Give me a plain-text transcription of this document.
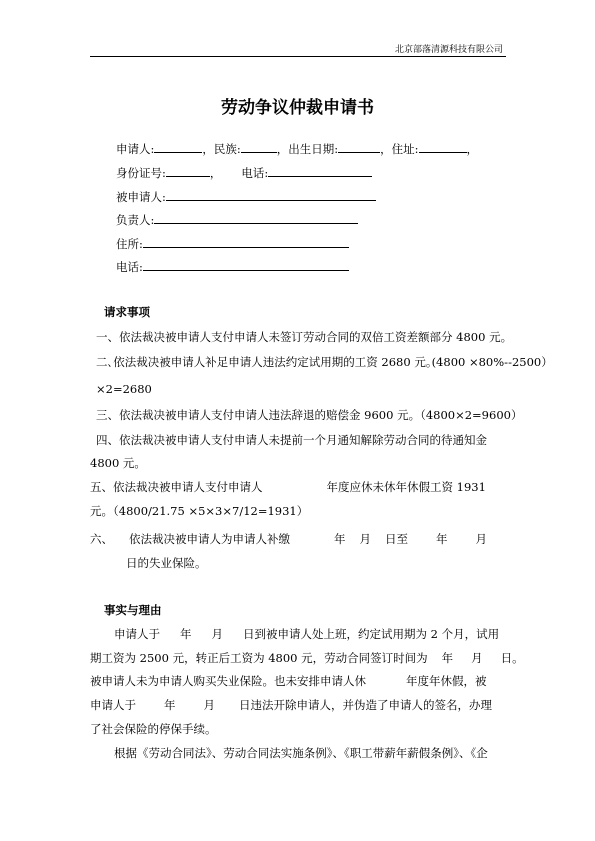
北京部落清源科技有限公司
劳动争议仲裁申请书
申请人:	，民族:	，出生日期:	，住址:	，
身份证号:	， 电话:
被申请人:
负责人:
住所:
电话:
请求事项
一、依法裁决被申请人支付申请人未签订劳动合同的双倍工资差额部分 4800 元。
二､依法裁决被申请人补足申请人违法约定试用期的工资 2680 元｡(4800 ×80%--2500）
×2=2680
三、依法裁决被申请人支付申请人违法辞退的赔偿金 9600 元。（4800×2=9600）
四、依法裁决被申请人支付申请人未提前一个月通知解除劳动合同的待通知金
4800 元。
五、依法裁决被申请人支付申请人	年度应休未休年休假工资 1931
元。（4800/21.75 ×5×3×7/12=1931）
六、 依法裁决被申请人为申请人补缴	年 月 日至 年 月
日的失业保险。
事实与理由
申请人于 年 月 日到被申请人处上班，约定试用期为 2 个月，试用
期工资为 2500 元，转正后工资为 4800 元，劳动合同签订时间为 年 月 日。
被申请人未为申请人购买失业保险。也未安排申请人休	年度年休假，被
申请人于 年 月 日违法开除申请人，并伪造了申请人的签名，办理
了社会保险的停保手续。
根据《劳动合同法》、劳动合同法实施条例》、《职工带薪年薪假条例》、《企
